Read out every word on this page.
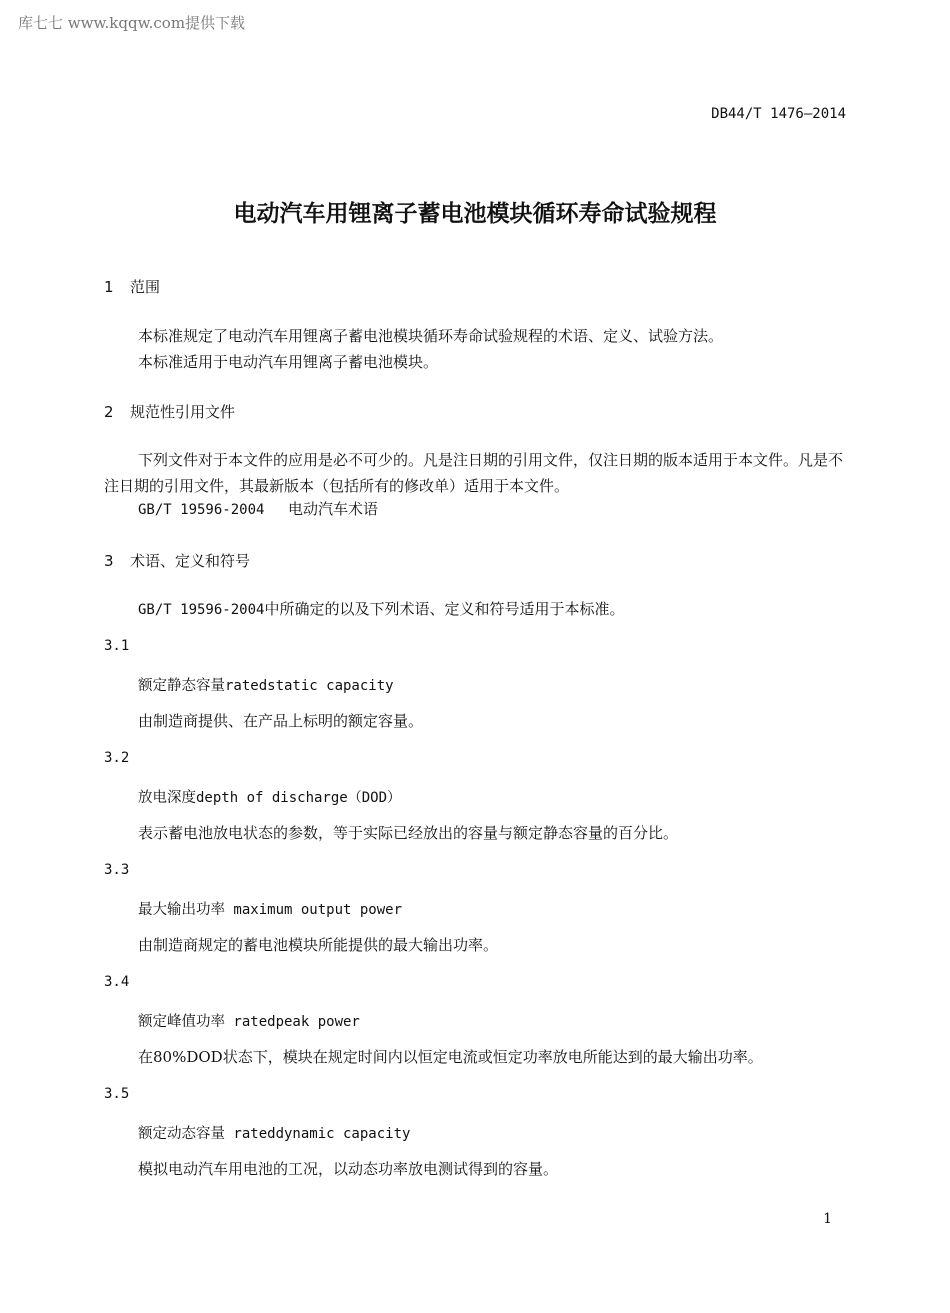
库七七 www.kqqw.com提供下载
DB44/T 1476—2014
电动汽车用锂离子蓄电池模块循环寿命试验规程
1 范围

本标准规定了电动汽车用锂离子蓄电池模块循环寿命试验规程的术语、定义、试验方法。

本标准适用于电动汽车用锂离子蓄电池模块。

2 规范性引用文件

下列文件对于本文件的应用是必不可少的。凡是注日期的引用文件，仅注日期的版本适用于本文件。凡是不注日期的引用文件，其最新版本（包括所有的修改单）适用于本文件。

GB/T 19596-2004 电动汽车术语

3 术语、定义和符号

GB/T 19596-2004中所确定的以及下列术语、定义和符号适用于本标准。

3.1
额定静态容量ratedstatic capacity

由制造商提供、在产品上标明的额定容量。

3.2
放电深度depth of discharge（DOD）

表示蓄电池放电状态的参数，等于实际已经放出的容量与额定静态容量的百分比。

3.3
最大输出功率 maximum output power

由制造商规定的蓄电池模块所能提供的最大输出功率。

3.4
额定峰值功率 ratedpeak power

在80%DOD状态下，模块在规定时间内以恒定电流或恒定功率放电所能达到的最大输出功率。

3.5
额定动态容量 rateddynamic capacity

模拟电动汽车用电池的工况，以动态功率放电测试得到的容量。

1
